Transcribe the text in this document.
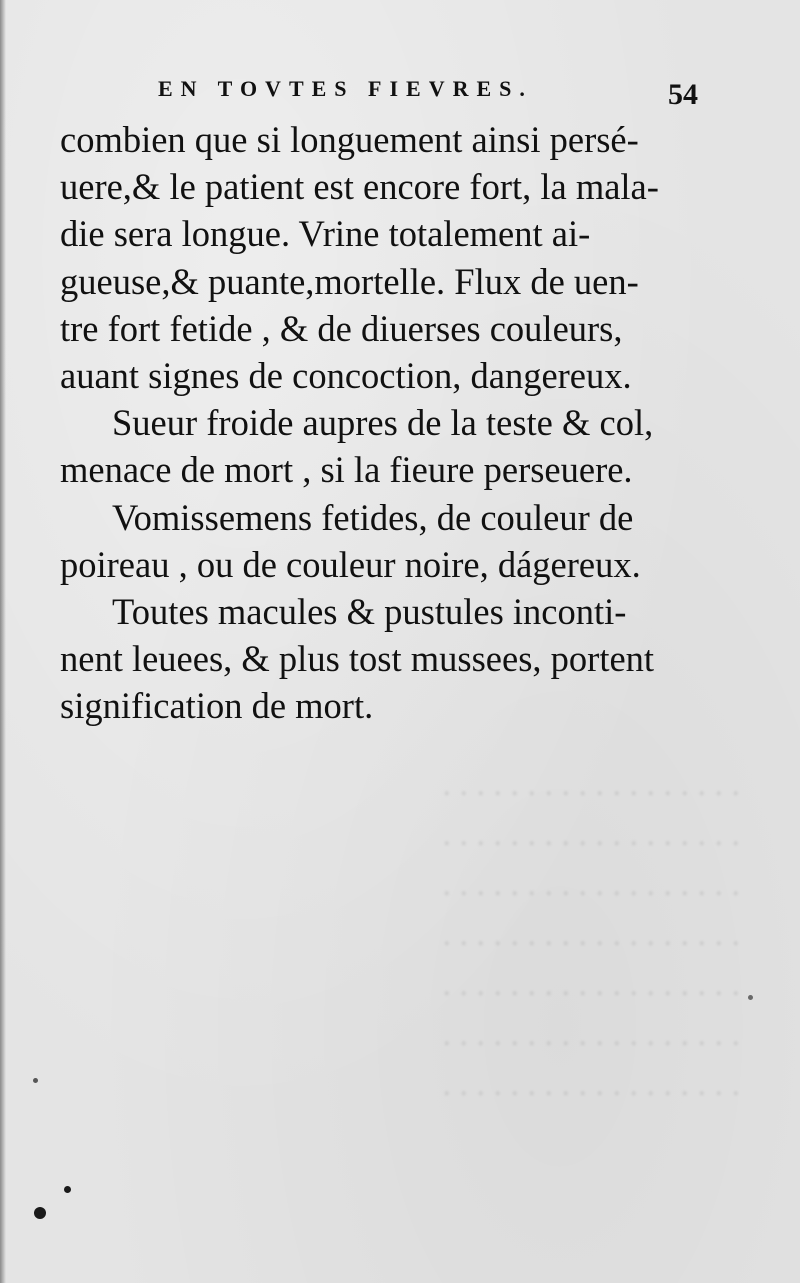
. . . . . . . . . . . . . . . . . .
. . . . . . . . . . . . . . . . . .
. . . . . . . . . . . . . . . . . .
. . . . . . . . . . . . . . . . . .
. . . . . . . . . . . . . . . . . .
. . . . . . . . . . . . . . . . . .
. . . . . . . . . . . . . . . . . .
EN TOVTES FIEVRES.	54
combien que si longuement ainsi persé-
uere,& le patient est encore fort, la mala-
die sera longue. Vrine totalement ai-
gueuse,& puante,mortelle. Flux de uen-
tre fort fetide , & de diuerses couleurs,
auant signes de concoction, dangereux.
Sueur froide aupres de la teste & col,
menace de mort , si la fieure perseuere.
Vomissemens fetides, de couleur de
poireau , ou de couleur noire, dágereux.
Toutes macules & pustules inconti-
nent leuees, & plus tost mussees, portent
signification de mort.
